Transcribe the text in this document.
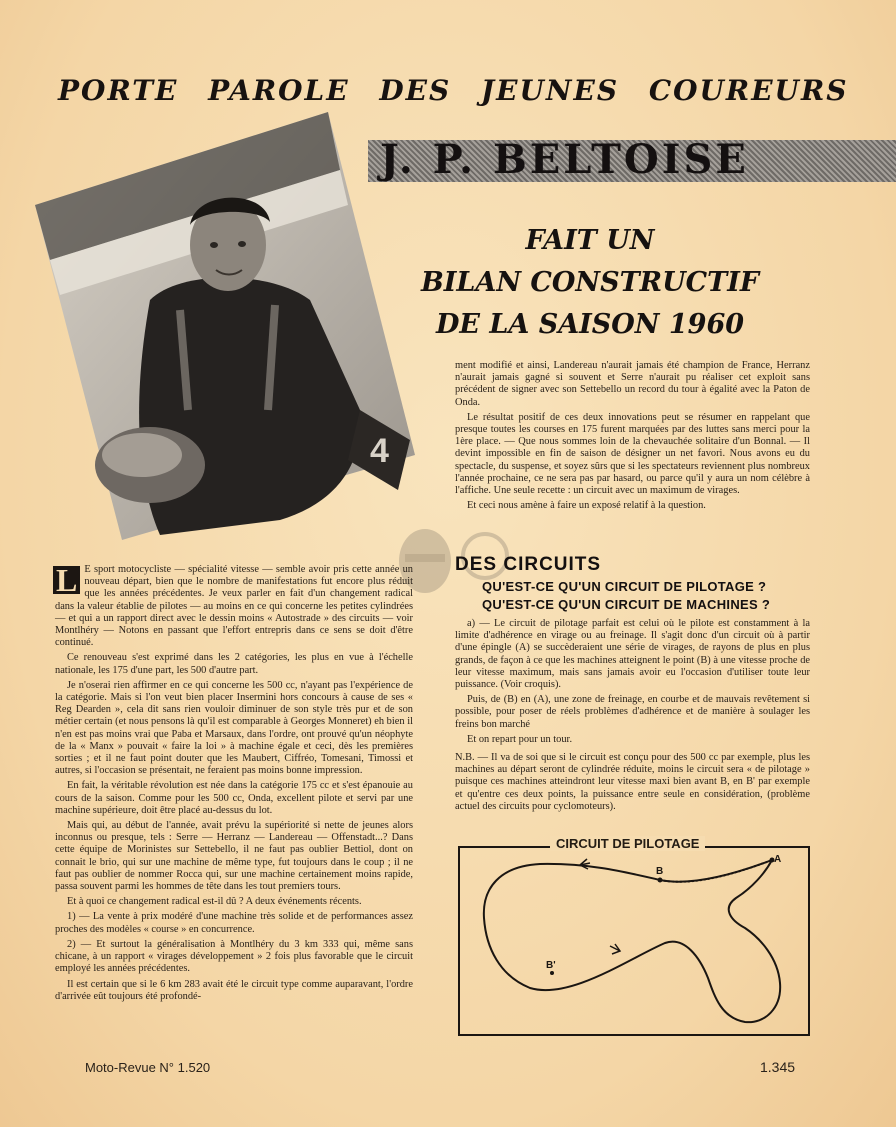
PORTE PAROLE DES JEUNES COUREURS
J. P. BELTOISE
FAIT UN
BILAN CONSTRUCTIF
DE LA SAISON 1960
4

L E sport motocycliste — spécialité vitesse — semble avoir pris cette année un nouveau départ, bien que le nombre de manifestations fut encore plus réduit que les années précédentes. Je veux parler en fait d'un changement radical dans la valeur établie de pilotes — au moins en ce qui concerne les petites cylindrées — et qui a un rapport direct avec le dessin moins « Autostrade » des circuits — voir Montlhéry — Notons en passant que l'effort entrepris dans ce sens se doit d'être continué.

Ce renouveau s'est exprimé dans les 2 catégories, les plus en vue à l'échelle nationale, les 175 d'une part, les 500 d'autre part.

Je n'oserai rien affirmer en ce qui concerne les 500 cc, n'ayant pas l'expérience de la catégorie. Mais si l'on veut bien placer Insermini hors concours à cause de ses « Reg Dearden », cela dit sans rien vouloir diminuer de son style très pur et de son métier certain (et nous pensons là qu'il est comparable à Georges Monneret) eh bien il n'en est pas moins vrai que Paba et Marsaux, dans l'ordre, ont prouvé qu'un néophyte de la « Manx » pouvait « faire la loi » à machine égale et ceci, dès les premières sorties ; et il ne faut point douter que les Maubert, Ciffréo, Tomesani, Timossi et autres, si l'occasion se présentait, ne feraient pas moins bonne impression.

En fait, la véritable révolution est née dans la catégorie 175 cc et s'est épanouie au cours de la saison. Comme pour les 500 cc, Onda, excellent pilote et servi par une machine supérieure, doit être placé au-dessus du lot.

Mais qui, au début de l'année, avait prévu la supériorité si nette de jeunes alors inconnus ou presque, tels : Serre — Herranz — Landereau — Offenstadt...? Dans cette équipe de Morinistes sur Settebello, il ne faut pas oublier Bettiol, dont on connait le brio, qui sur une machine de même type, fut toujours dans le coup ; il ne faut pas oublier de nommer Rocca qui, sur une machine certainement moins rapide, passa souvent parmi les hommes de tête dans les tout premiers tours.

Et à quoi ce changement radical est-il dû ? A deux événements récents.

1) — La vente à prix modéré d'une machine très solide et de performances assez proches des modèles « course » en concurrence.

2) — Et surtout la généralisation à Montlhéry du 3 km 333 qui, même sans chicane, à un rapport « virages développement » 2 fois plus favorable que le circuit employé les années précédentes.

Il est certain que si le 6 km 283 avait été le circuit type comme auparavant, l'ordre d'arrivée eût toujours été profondé-

ment modifié et ainsi, Landereau n'aurait jamais été champion de France, Herranz n'aurait jamais gagné si souvent et Serre n'aurait pu réaliser cet exploit sans précédent de signer avec son Settebello un record du tour à égalité avec la Paton de Onda.

Le résultat positif de ces deux innovations peut se résumer en rappelant que presque toutes les courses en 175 furent marquées par des luttes sans merci pour la 1ère place. — Que nous sommes loin de la chevauchée solitaire d'un Bonnal. — Il devint impossible en fin de saison de désigner un net favori. Nous avons eu du spectacle, du suspense, et soyez sûrs que si les spectateurs reviennent plus nombreux l'année prochaine, ce ne sera pas par hasard, ou parce qu'il y aura un nom célèbre à l'affiche. Une seule recette : un circuit avec un maximum de virages.

Et ceci nous amène à faire un exposé relatif à la question.

DES CIRCUITS
QU'EST-CE QU'UN CIRCUIT DE PILOTAGE ?
QU'EST-CE QU'UN CIRCUIT DE MACHINES ?

a) — Le circuit de pilotage parfait est celui où le pilote est constamment à la limite d'adhérence en virage ou au freinage. Il s'agit donc d'un circuit où à partir d'une épingle (A) se succèderaient une série de virages, de rayons de plus en plus grands, de façon à ce que les machines atteignent le point (B) à une vitesse proche de leur vitesse maximum, mais sans jamais avoir eu l'occasion d'utiliser toute leur puissance. (Voir croquis).

Puis, de (B) en (A), une zone de freinage, en courbe et de mauvais revêtement si possible, pour poser de réels problèmes d'adhérence et de manière à soulager les freins bon marché

Et on repart pour un tour.

N.B. — Il va de soi que si le circuit est conçu pour des 500 cc par exemple, plus les machines au départ seront de cylindrée réduite, moins le circuit sera « de pilotage » puisque ces machines atteindront leur vitesse maxi bien avant B, en B' par exemple et qu'entre ces deux points, la puissance entre seule en considération, (problème actuel des circuits pour cyclomoteurs).

CIRCUIT DE PILOTAGE
A
B
B'
Moto-Revue N° 1.520	1.345
